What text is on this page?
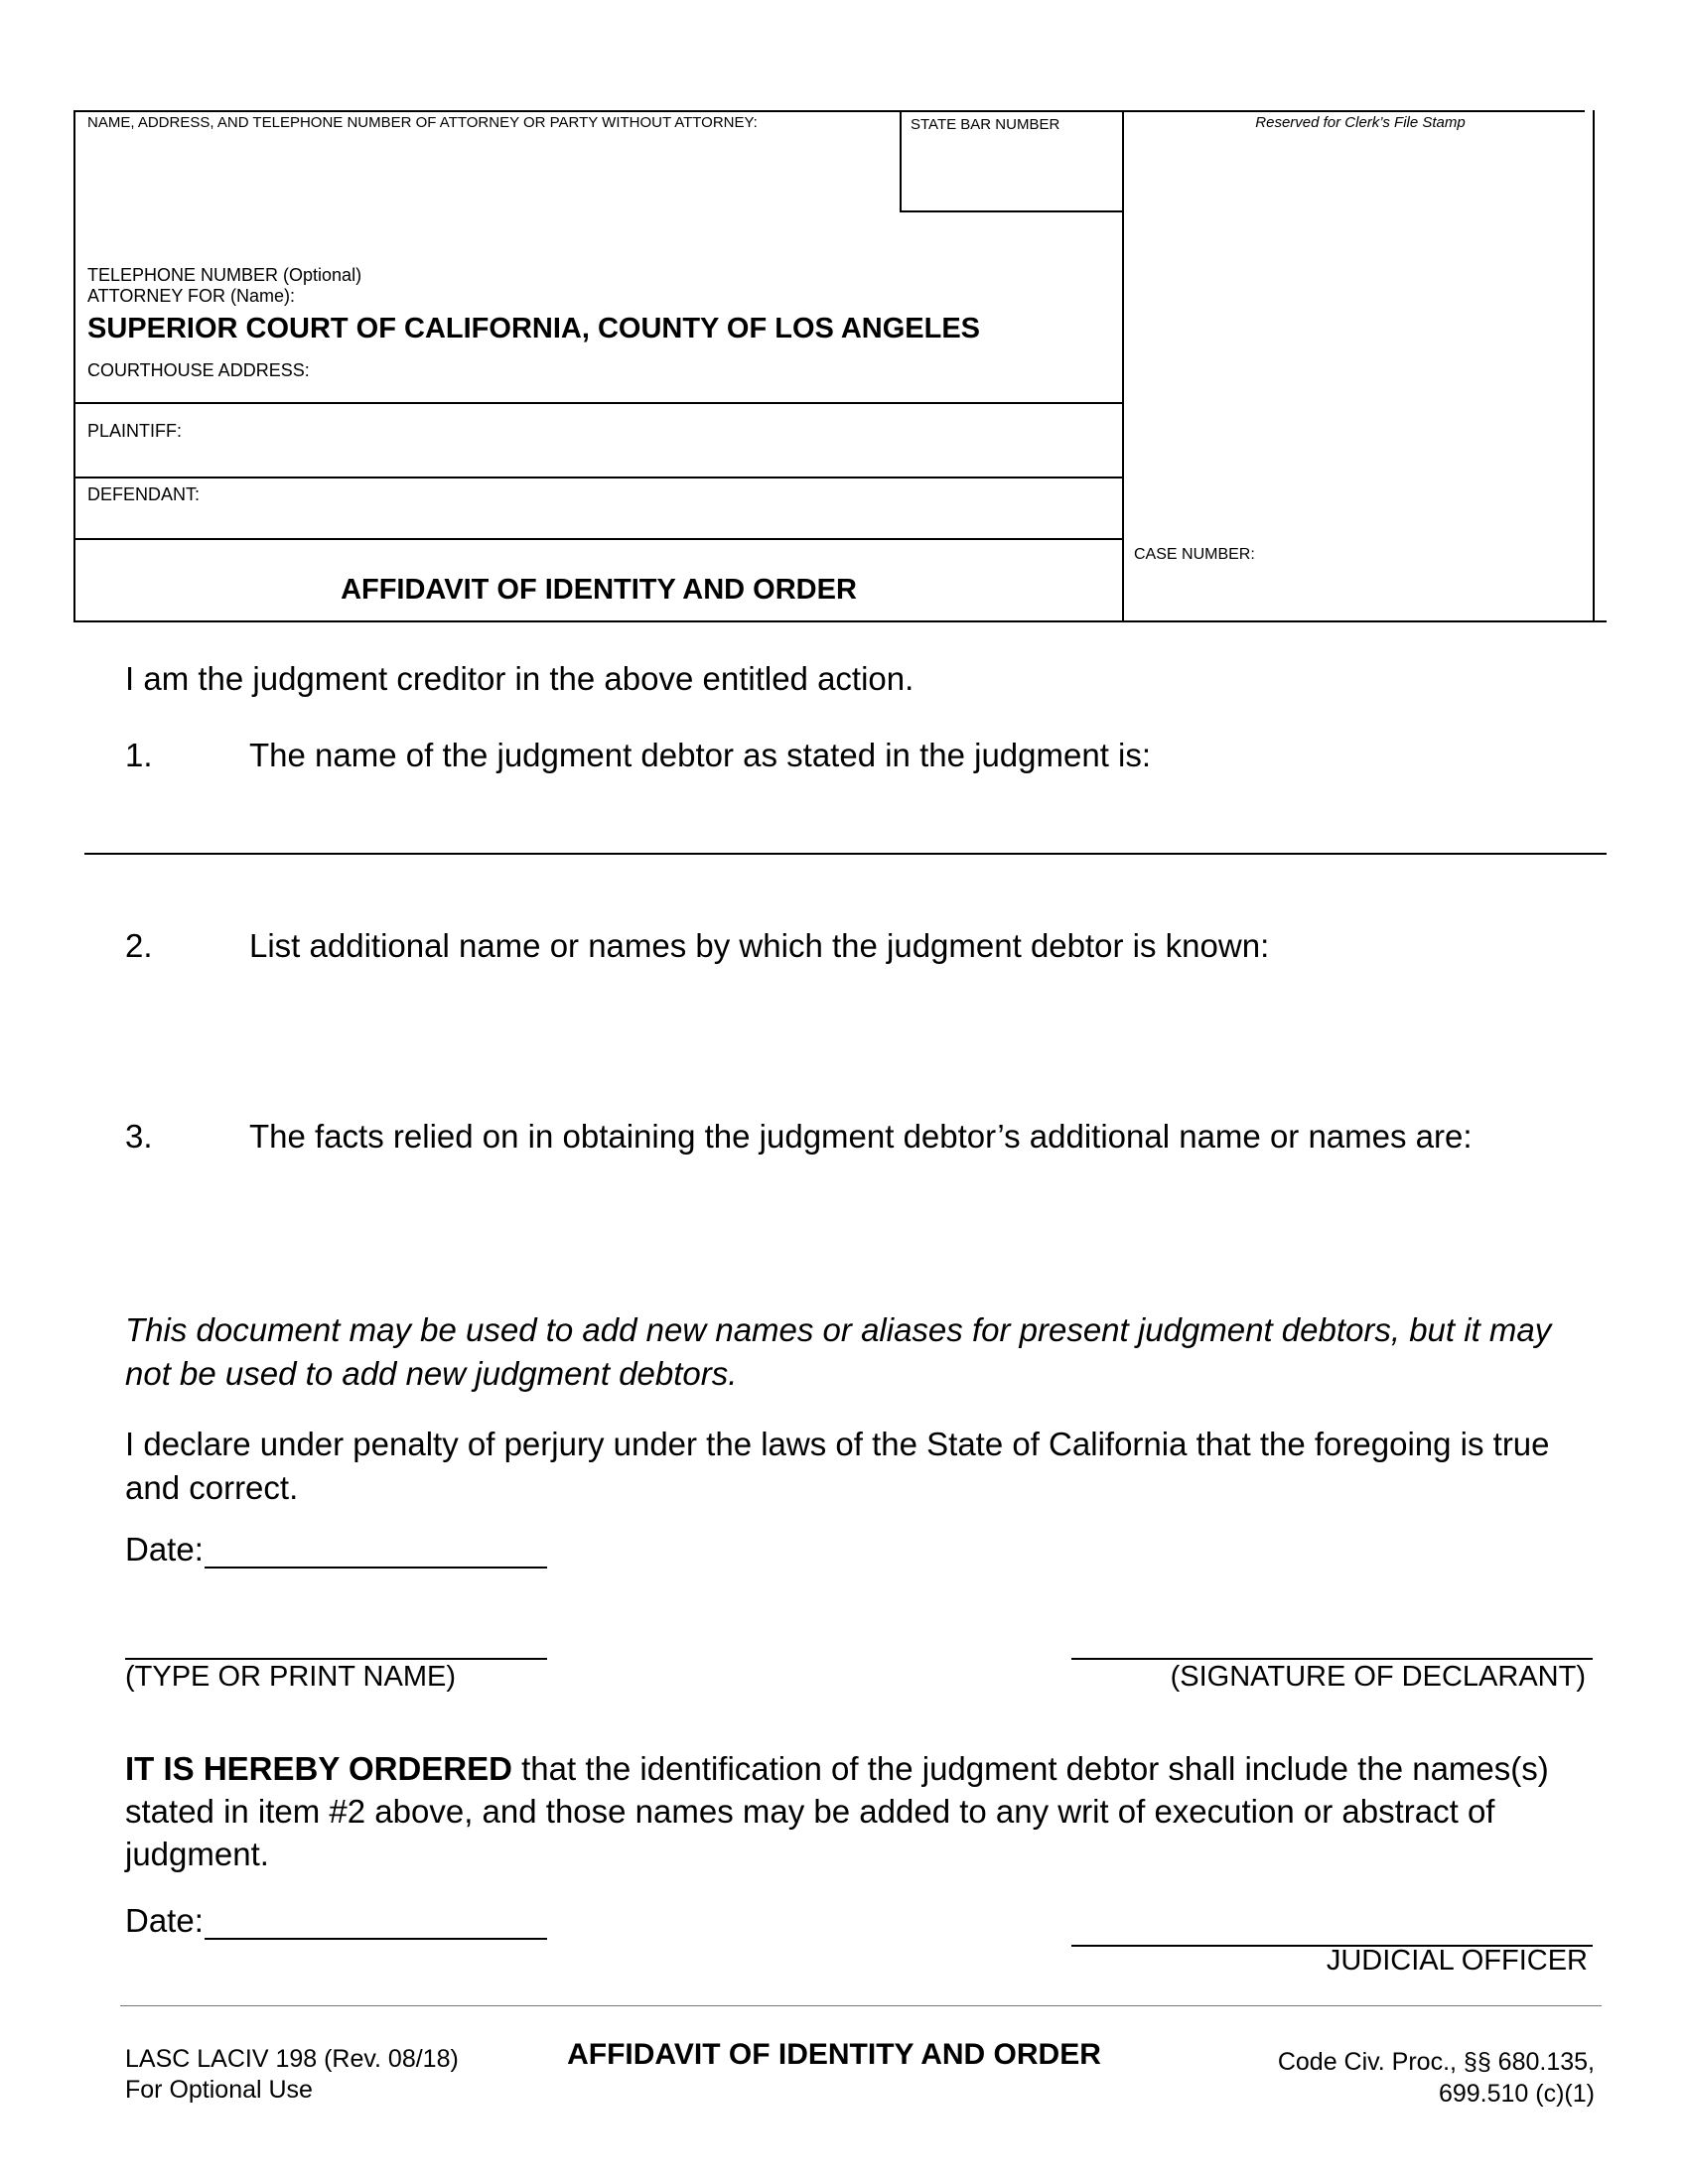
NAME, ADDRESS, AND TELEPHONE NUMBER OF ATTORNEY OR PARTY WITHOUT ATTORNEY:	STATE BAR NUMBER	Reserved for Clerk’s File Stamp
TELEPHONE NUMBER (Optional)
ATTORNEY FOR (Name):
SUPERIOR COURT OF CALIFORNIA, COUNTY OF LOS ANGELES
COURTHOUSE ADDRESS:
PLAINTIFF:
DEFENDANT:
CASE NUMBER:
AFFIDAVIT OF IDENTITY AND ORDER
I am the judgment creditor in the above entitled action.
1.	The name of the judgment debtor as stated in the judgment is:
2.	List additional name or names by which the judgment debtor is known:
3.	The facts relied on in obtaining the judgment debtor’s additional name or names are:
This document may be used to add new names or aliases for present judgment debtors, but it may not be used to add new judgment debtors.
I declare under penalty of perjury under the laws of the State of California that the foregoing is true and correct.
Date:
(TYPE OR PRINT NAME)	(SIGNATURE OF DECLARANT)
IT IS HEREBY ORDERED that the identification of the judgment debtor shall include the names(s) stated in item #2 above, and those names may be added to any writ of execution or abstract of judgment.
Date:
JUDICIAL OFFICER
LASC LACIV 198 (Rev. 08/18)
For Optional Use
AFFIDAVIT OF IDENTITY AND ORDER	Code Civ. Proc., §§ 680.135,
699.510 (c)(1)
